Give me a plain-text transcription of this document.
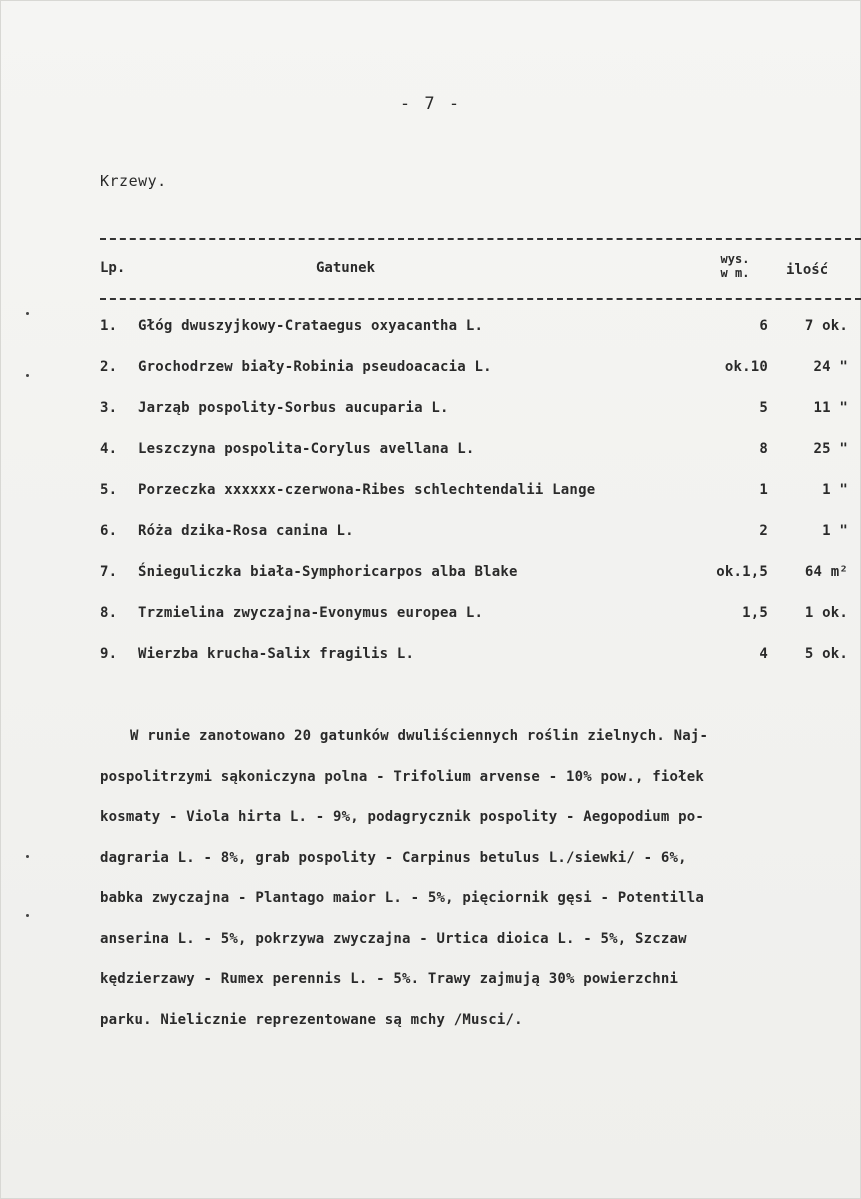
- 7 -
Krzewy.
Lp.	Gatunek
wys.
w m.	ilość
1. Głóg dwuszyjkowy-Crataegus oxyacantha L.	6	7 ok.
2. Grochodrzew biały-Robinia pseudoacacia L.	ok.10	24 "
3. Jarząb pospolity-Sorbus aucuparia L.	5	11 "
4. Leszczyna pospolita-Corylus avellana L.	8	25 "
5. Porzeczka xxxxxx-czerwona-Ribes schlechtendalii Lange	1	1 "
6. Róża dzika-Rosa canina L.	2	1 "
7. Śnieguliczka biała-Symphoricarpos alba Blake	ok.1,5	64 m²
8. Trzmielina zwyczajna-Evonymus europea L.	1,5	1 ok.
9. Wierzba krucha-Salix fragilis L.	4	5 ok.
W runie zanotowano 20 gatunków dwuliściennych roślin zielnych. Naj-
pospolitrzymi sąkoniczyna polna - Trifolium arvense - 10% pow., fiołek
kosmaty - Viola hirta L. - 9%, podagrycznik pospolity - Aegopodium po-
dagraria L. - 8%, grab pospolity - Carpinus betulus L./siewki/ - 6%,
babka zwyczajna - Plantago maior L. - 5%, pięciornik gęsi - Potentilla
anserina L. - 5%, pokrzywa zwyczajna - Urtica dioica L. - 5%, Szczaw
kędzierzawy - Rumex perennis L. - 5%. Trawy zajmują 30% powierzchni
parku. Nielicznie reprezentowane są mchy /Musci/.
